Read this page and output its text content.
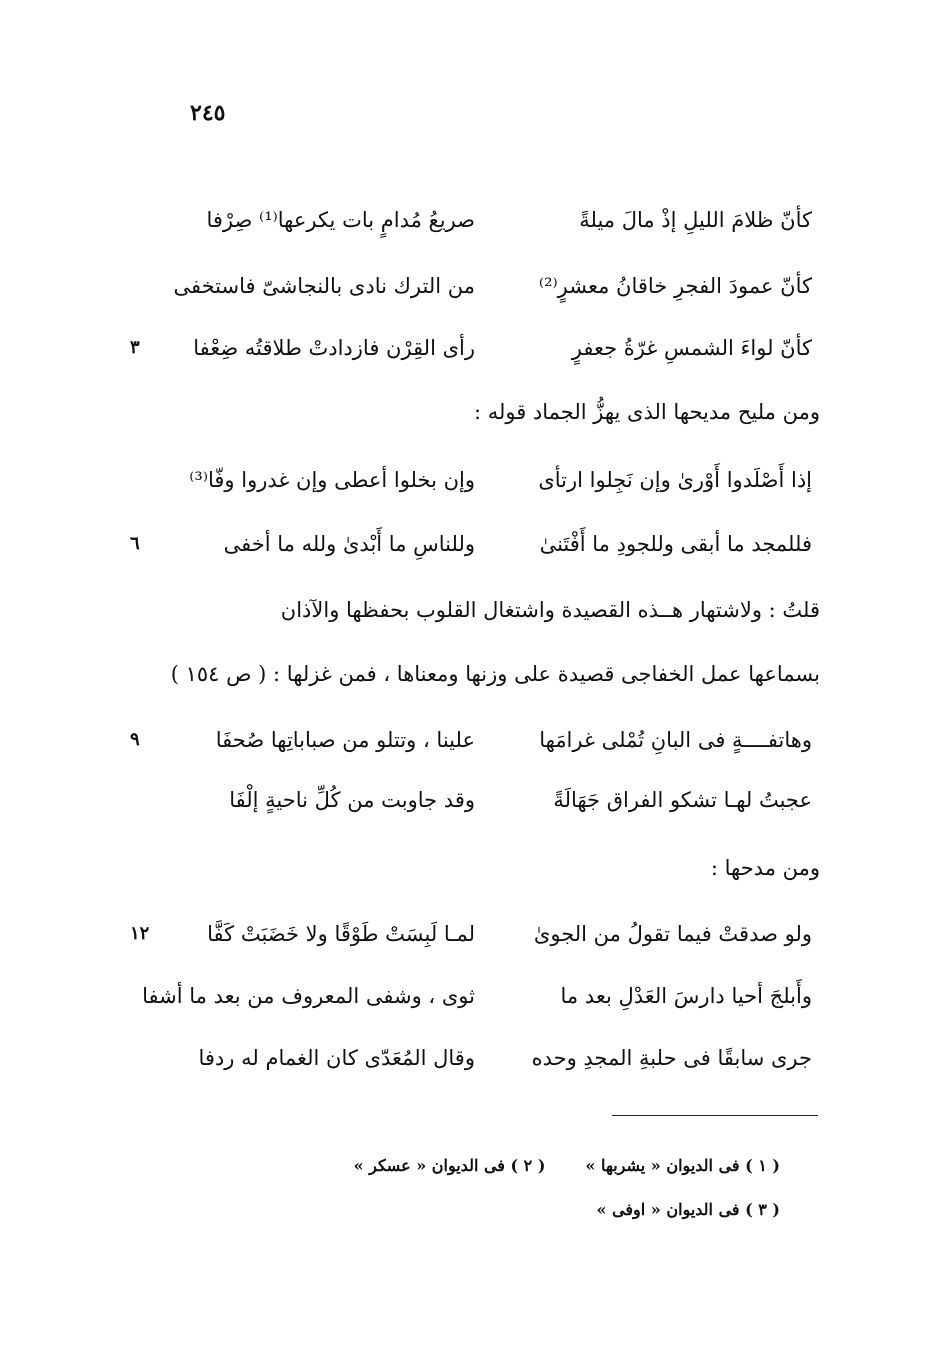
٢٤٥
كأنّ ظلامَ الليلِ إذْ مالَ ميلةً
صريعُ مُدامٍ بات يكرعها⁽¹⁾ صِرْفا
كأنّ عمودَ الفجرِ خاقانُ معشرٍ⁽²⁾
من الترك نادى بالنجاشىّ فاستخفى
كأنّ لواءَ الشمسِ غرّةُ جعفرٍ
رأى القِرْن فازدادتْ طلاقتُه ضِعْفا
٣
ومن مليح مديحها الذى يهزُّ الجماد قوله :
إذا أَصْلَدوا أَوْرىٰ وإن نَجِلوا ارتأى
وإن بخلوا أعطى وإن غدروا وفّا⁽³⁾
فللمجد ما أبقى وللجودِ ما أَفْتَنىٰ
وللناسِ ما أَبْدىٰ ولله ما أخفى
٦
قلتُ : ولاشتهار هــذه القصيدة واشتغال القلوب بحفظها والآذان
بسماعها عمل الخفاجى قصيدة على وزنها ومعناها ، فمن غزلها : ( ص ١٥٤ )
وهاتفــــةٍ فى البانِ تُمْلى غرامَها
علينا ، وتتلو من صباباتِها صُحفَا
٩
عجبتُ لهـا تشكو الفراق جَهَالَةً
وقد جاوبت من كُلِّ ناحيةٍ إلْفَا
ومن مدحها :
ولو صدقتْ فيما تقولُ من الجوىٰ
لمـا لَبِسَتْ طَوْقًا ولا خَضَبَتْ كَفَّا
١٢
وأَبلجَ أحيا دارسَ العَدْلِ بعد ما
ثوى ، وشفى المعروف من بعد ما أشفا
جرى سابقًا فى حلبةِ المجدِ وحده
وقال المُعَدّى كان الغمام له ردفا
( ١ ) فى الديوان « يشربها »( ٢ ) فى الديوان « عسكر »
( ٣ ) فى الديوان « اوفى »
